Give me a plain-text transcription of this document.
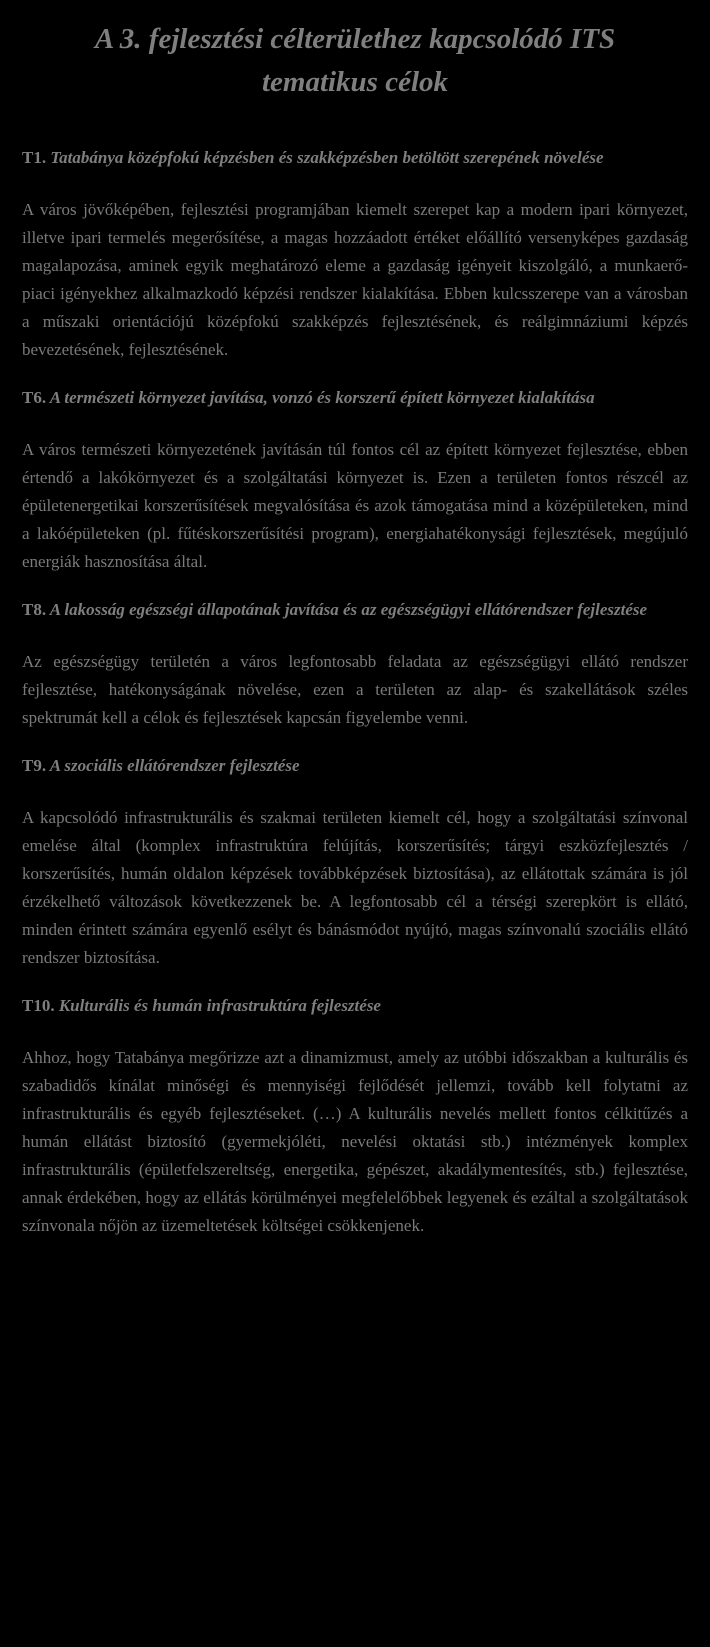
A 3. fejlesztési célterülethez kapcsolódó ITS
tematikus célok

T1. Tatabánya középfokú képzésben és szakképzésben betöltött szerepének növelése

A város jövőképében, fejlesztési programjában kiemelt szerepet kap a modern ipari környezet, illetve ipari termelés megerősítése, a magas hozzáadott értéket előállító versenyképes gazdaság magalapozása, aminek egyik meghatározó eleme a gazdaság igényeit kiszolgáló, a munkaerő-piaci igényekhez alkalmazkodó képzési rendszer kialakítása. Ebben kulcsszerepe van a városban a műszaki orientációjú középfokú szakképzés fejlesztésének, és reálgimnáziumi képzés bevezetésének, fejlesztésének.

T6. A természeti környezet javítása, vonzó és korszerű épített környezet kialakítása

A város természeti környezetének javításán túl fontos cél az épített környezet fejlesztése, ebben értendő a lakókörnyezet és a szolgáltatási környezet is. Ezen a területen fontos részcél az épületenergetikai korszerűsítések megvalósítása és azok támogatása mind a középületeken, mind a lakóépületeken (pl. fűtéskorszerűsítési program), energiahatékonysági fejlesztések, megújuló energiák hasznosítása által.

T8. A lakosság egészségi állapotának javítása és az egészségügyi ellátórendszer fejlesztése

Az egészségügy területén a város legfontosabb feladata az egészségügyi ellátó rendszer fejlesztése, hatékonyságának növelése, ezen a területen az alap- és szakellátások széles spektrumát kell a célok és fejlesztések kapcsán figyelembe venni.

T9. A szociális ellátórendszer fejlesztése

A kapcsolódó infrastrukturális és szakmai területen kiemelt cél, hogy a szolgáltatási színvonal emelése által (komplex infrastruktúra felújítás, korszerűsítés; tárgyi eszközfejlesztés / korszerűsítés, humán oldalon képzések továbbképzések biztosítása), az ellátottak számára is jól érzékelhető változások következzenek be. A legfontosabb cél a térségi szerepkört is ellátó, minden érintett számára egyenlő esélyt és bánásmódot nyújtó, magas színvonalú szociális ellátó rendszer biztosítása.

T10. Kulturális és humán infrastruktúra fejlesztése

Ahhoz, hogy Tatabánya megőrizze azt a dinamizmust, amely az utóbbi időszakban a kulturális és szabadidős kínálat minőségi és mennyiségi fejlődését jellemzi, tovább kell folytatni az infrastrukturális és egyéb fejlesztéseket. (…) A kulturális nevelés mellett fontos célkitűzés a humán ellátást biztosító (gyermekjóléti, nevelési oktatási stb.) intézmények komplex infrastrukturális (épületfelszereltség, energetika, gépészet, akadálymentesítés, stb.) fejlesztése, annak érdekében, hogy az ellátás körülményei megfelelőbbek legyenek és ezáltal a szolgáltatások színvonala nőjön az üzemeltetések költségei csökkenjenek.
